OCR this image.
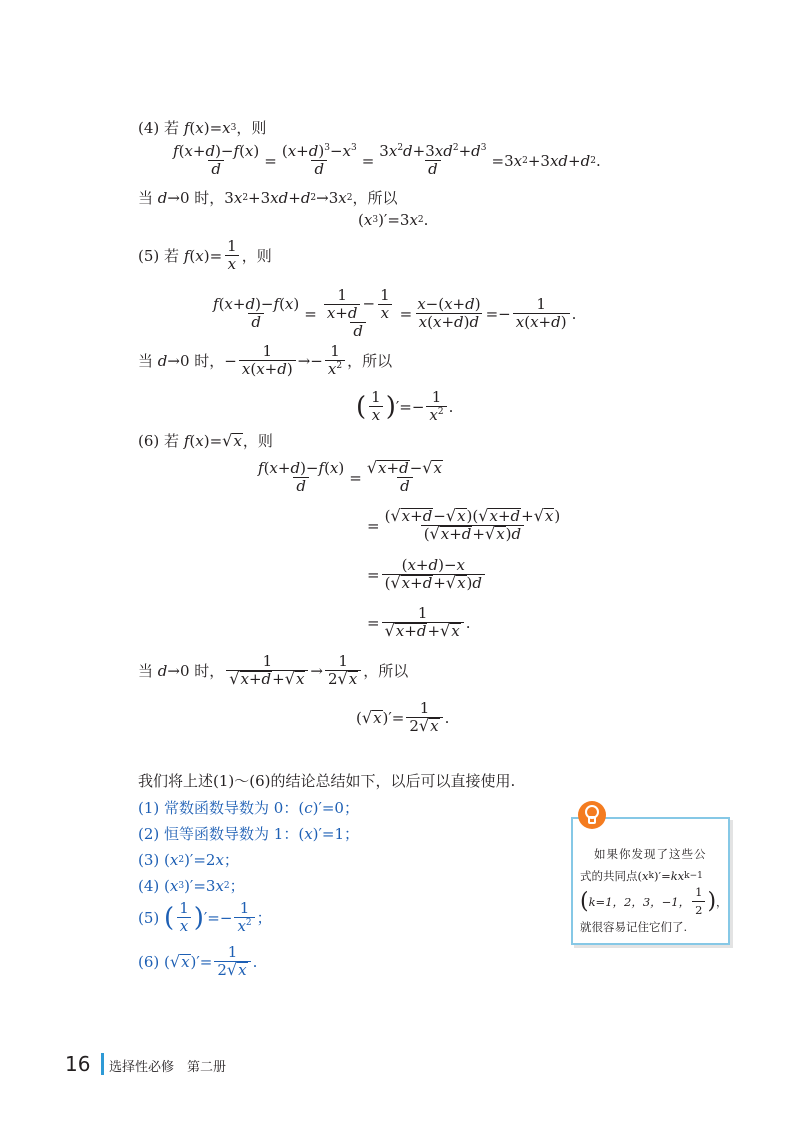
(4)
若
f ( x )= x 3 ，则
$\frac{f(x+d)-f(x)}{d} = \frac{(x+d)^3-x^3}{d} = \frac{3x^2d+3xd^2+d^3}{d} =3$ x 2 +3 xd + d 2 .
当
d →0 时， 3 x 2 +3 xd + d 2 →3 x 2 ，所以
( x 3 )′=3 x 2 .
(5)
若
f ( x )= $\frac{1}{x}$ ，则
$\frac{f(x+d)-f(x)}{d} = \frac{\frac{1}{x+d} - \frac{1}{x}}{d} = \frac{x-(x+d)}{x(x+d)d} =- \frac{1}{x(x+d)}$ .
当
d →0 时， − $\frac{1}{x(x+d)} \to- \frac{1}{x^2}$ ，所以
( $\frac{1}{x}$ ) ′=− $\frac{1}{x^2}$ .
(6)
若
f ( x )= √ x ，则
$\frac{f(x+d)-f(x)}{d} = \frac{√ x+d - √ x}{d}$
= $\frac{( √ x+d - √ x )( √ x+d + √ x )}{( √ x+d + √ x )d}$
= $\frac{(x+d)-x}{( √ x+d + √ x )d}$
= $\frac{1}{√ x+d + √ x}$ .
当
d →0 时， $\frac{1}{√ x+d + √ x} \to \frac{1}{2 √ x}$ ，所以
( √ x )′= $\frac{1}{2 √ x}$ .
我们将上述(1)～(6)的结论总结如下，以后可以直接使用.
(1)
常数函数导数为 0：( c )′=0；
(2)
恒等函数导数为 1：( x )′=1；
(3) ( x 2 )′=2 x ；
(4) ( x 3 )′=3 x 2 ；
(5)
( $\frac{1}{x}$ ) ′=− $\frac{1}{x^2}$ ；
(6) ( √ x )′= $\frac{1}{2 √ x}$ .
如果你发现了这些公
式的共同点 ( x k )′= kx k−1
( k=1，2，3，−1， $\frac{1}{2}$ ) ，
就很容易记住它们了.
16 选择性必修　第二册
